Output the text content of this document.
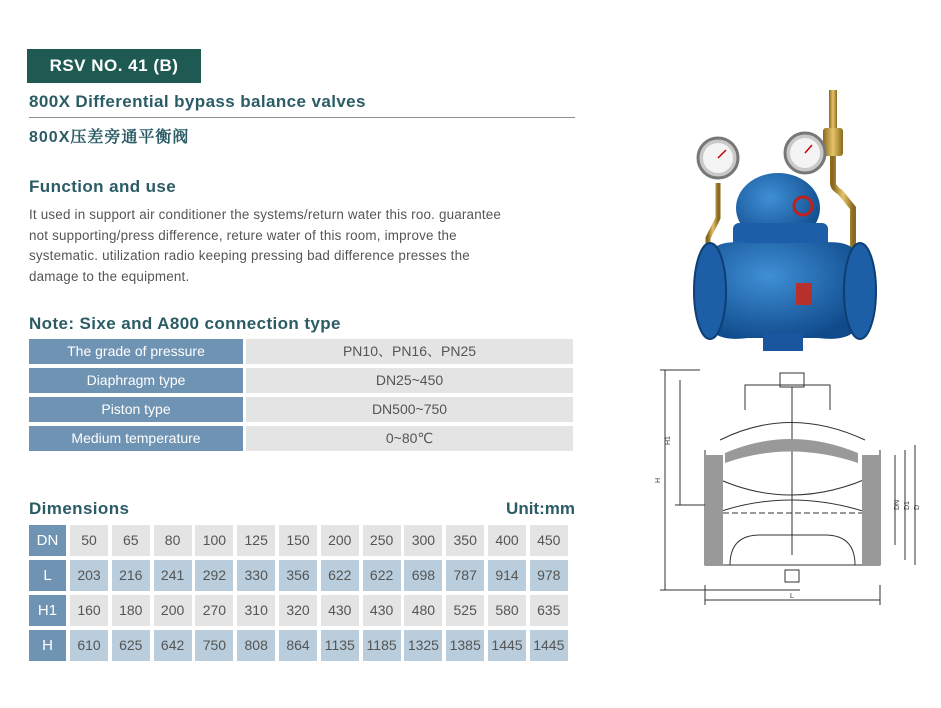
RSV NO. 41 (B)
800X Differential bypass balance valves
800X压差旁通平衡阀
Function and use
It used in support air conditioner the systems/return water this roo. guarantee
not supporting/press difference, reture water of this room, improve the
systematic. utilization radio keeping pressing bad difference presses the
damage to the equipment.
Note: Sixe and A800 connection type
The grade of pressure	PN10、PN16、PN25
Diaphragm type	DN25~450
Piston type	DN500~750
Medium temperature	0~80℃
Dimensions	Unit:mm
DN	50	65	80	100	125	150	200	250	300	350	400	450
L	203	216	241	292	330	356	622	622	698	787	914	978
H1	160	180	200	270	310	320	430	430	480	525	580	635
H	610	625	642	750	808	864	1135 1185 1325 1385 1445 1445
H1
H
L
DN D1 D
